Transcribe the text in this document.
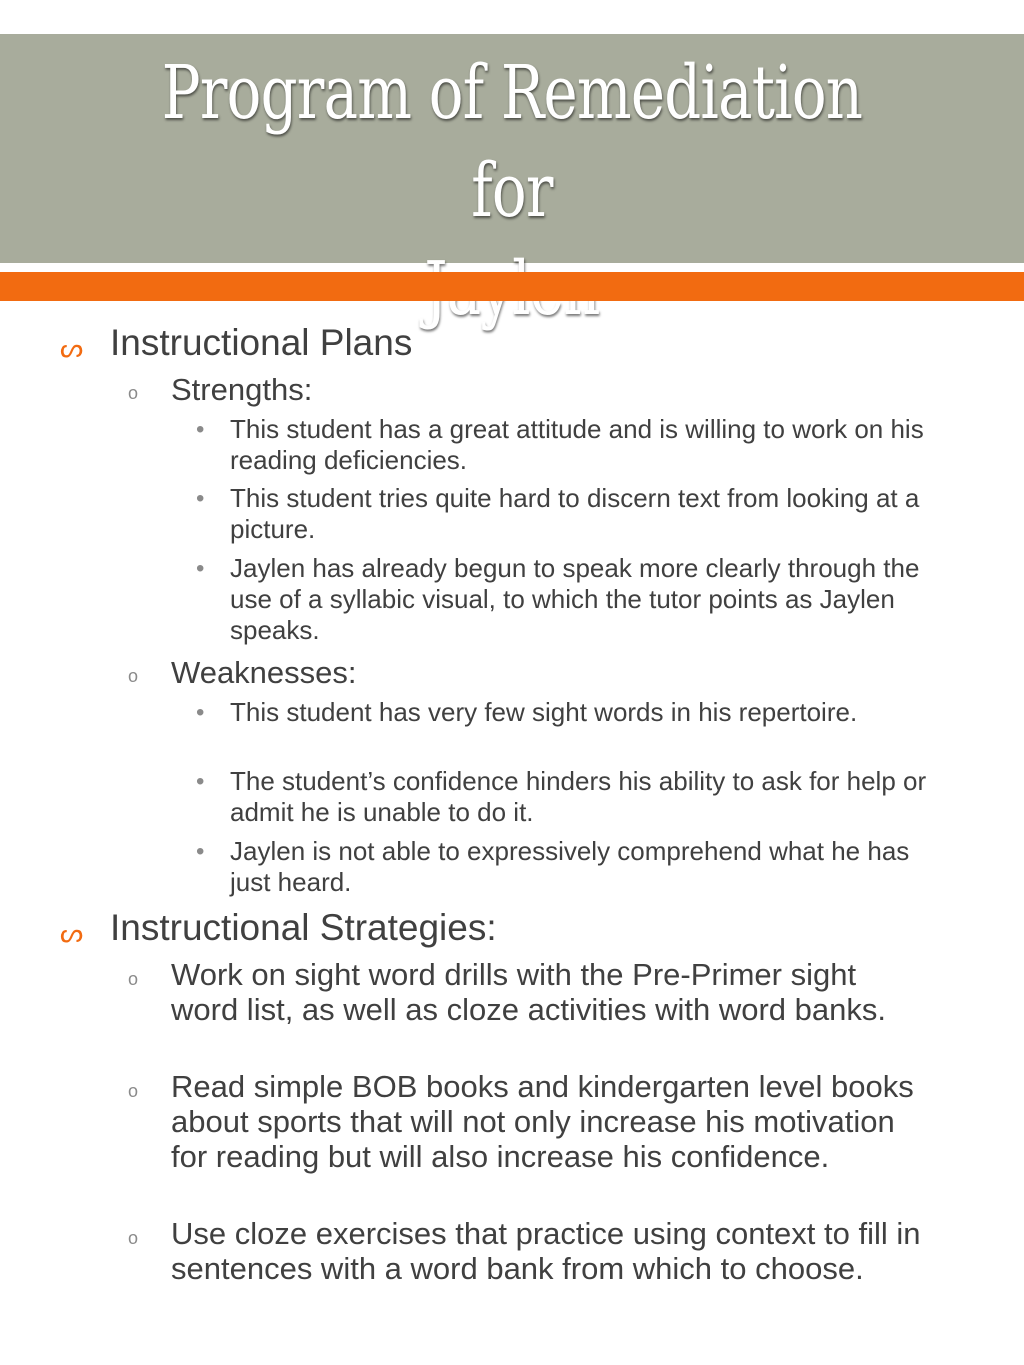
Program of Remediation for
ᔕ Instructional Plans
o Strengths:
• This student has a great attitude and is willing to work on his reading deficiencies.
• This student tries quite hard to discern text from looking at a picture.
• Jaylen has already begun to speak more clearly through the use of a syllabic visual, to which the tutor points as Jaylen speaks.
o Weaknesses:
• This student has very few sight words in his repertoire.
• The student’s confidence hinders his ability to ask for help or admit he is unable to do it.
• Jaylen is not able to expressively comprehend what he has just heard.
ᔕ Instructional Strategies:
o Work on sight word drills with the Pre-Primer sight word list, as well as cloze activities with word banks.
o Read simple BOB books and kindergarten level books about sports that will not only increase his motivation for reading but will also increase his confidence.
o Use cloze exercises that practice using context to fill in sentences with a word bank from which to choose.
